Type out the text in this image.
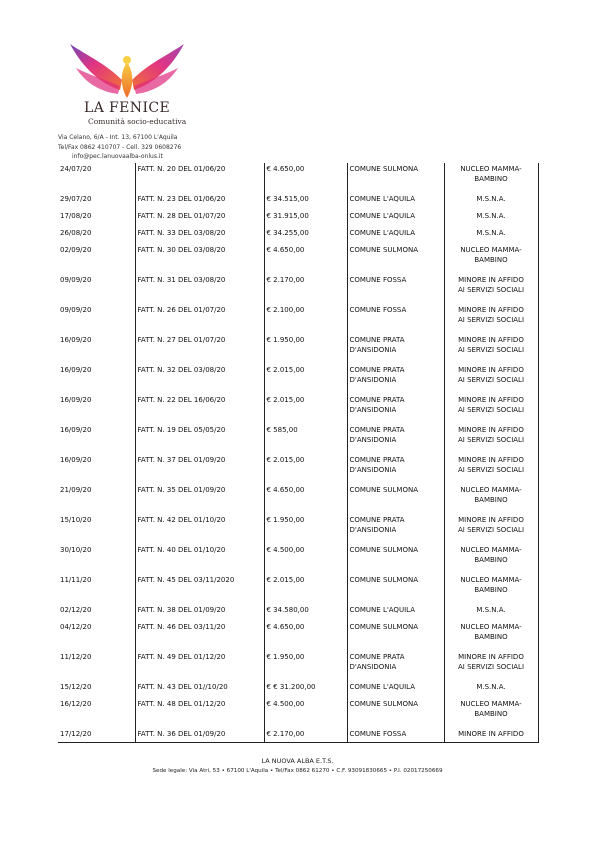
LA FENICE
Comunità socio-educativa
Via Celano, 6/A - Int. 13, 67100 L'Aquila
Tel/Fax 0862 410707 - Cell. 329 0608276
info@pec.lanuovaalba-onlus.it
24/07/20	FATT. N. 20 DEL 01/06/20	€ 4.650,00	COMUNE SULMONA	NUCLEO MAMMA-
BAMBINO

29/07/20	FATT. N. 23 DEL 01/06/20	€ 34.515,00	COMUNE L'AQUILA	M.S.N.A.

17/08/20	FATT. N. 28 DEL 01/07/20	€ 31.915,00	COMUNE L'AQUILA	M.S.N.A.

26/08/20	FATT. N. 33 DEL 03/08/20	€ 34.255,00	COMUNE L'AQUILA	M.S.N.A.

02/09/20	FATT. N. 30 DEL 03/08/20	€ 4.650,00	COMUNE SULMONA	NUCLEO MAMMA-
BAMBINO

09/09/20	FATT. N. 31 DEL 03/08/20	€ 2.170,00	COMUNE FOSSA	MINORE IN AFFIDO
AI SERVIZI SOCIALI

09/09/20	FATT. N. 26 DEL 01/07/20	€ 2.100,00	COMUNE FOSSA	MINORE IN AFFIDO
AI SERVIZI SOCIALI

16/09/20	FATT. N. 27 DEL 01/07/20	€ 1.950,00	COMUNE PRATA D'ANSIDONIA	MINORE IN AFFIDO
AI SERVIZI SOCIALI

16/09/20	FATT. N. 32 DEL 03/08/20	€ 2.015,00	COMUNE PRATA D'ANSIDONIA	MINORE IN AFFIDO
AI SERVIZI SOCIALI

16/09/20	FATT. N. 22 DEL 16/06/20	€ 2.015,00	COMUNE PRATA D'ANSIDONIA	MINORE IN AFFIDO
AI SERVIZI SOCIALI

16/09/20	FATT. N. 19 DEL 05/05/20	€ 585,00	COMUNE PRATA D'ANSIDONIA	MINORE IN AFFIDO
AI SERVIZI SOCIALI

16/09/20	FATT. N. 37 DEL 01/09/20	€ 2.015,00	COMUNE PRATA D'ANSIDONIA	MINORE IN AFFIDO
AI SERVIZI SOCIALI

21/09/20	FATT. N. 35 DEL 01/09/20	€ 4.650,00	COMUNE SULMONA	NUCLEO MAMMA-
BAMBINO

15/10/20	FATT. N. 42 DEL 01/10/20	€ 1.950,00	COMUNE PRATA D'ANSIDONIA	MINORE IN AFFIDO
AI SERVIZI SOCIALI

30/10/20	FATT. N. 40 DEL 01/10/20	€ 4.500,00	COMUNE SULMONA	NUCLEO MAMMA-
BAMBINO

11/11/20	FATT. N. 45 DEL 03/11/2020	€ 2.015,00	COMUNE SULMONA	NUCLEO MAMMA-
BAMBINO

02/12/20	FATT. N. 38 DEL 01/09/20	€ 34.580,00	COMUNE L'AQUILA	M.S.N.A.

04/12/20	FATT. N. 46 DEL 03/11/20	€ 4.650,00	COMUNE SULMONA	NUCLEO MAMMA-
BAMBINO

11/12/20	FATT. N. 49 DEL 01/12/20	€ 1.950,00	COMUNE PRATA D'ANSIDONIA	MINORE IN AFFIDO
AI SERVIZI SOCIALI

15/12/20	FATT. N. 43 DEL 01//10/20	€ € 31.200,00	COMUNE L'AQUILA	M.S.N.A.

16/12/20	FATT. N. 48 DEL 01/12/20	€ 4.500,00	COMUNE SULMONA	NUCLEO MAMMA-
BAMBINO

17/12/20	FATT. N. 36 DEL 01/09/20	€ 2.170,00	COMUNE FOSSA	MINORE IN AFFIDO
LA NUOVA ALBA E.T.S.
Sede legale: Via Atri, 53 • 67100 L'Aquila • Tel/Fax 0862 61270 • C.F. 93091830665 • P.I. 02017250669
